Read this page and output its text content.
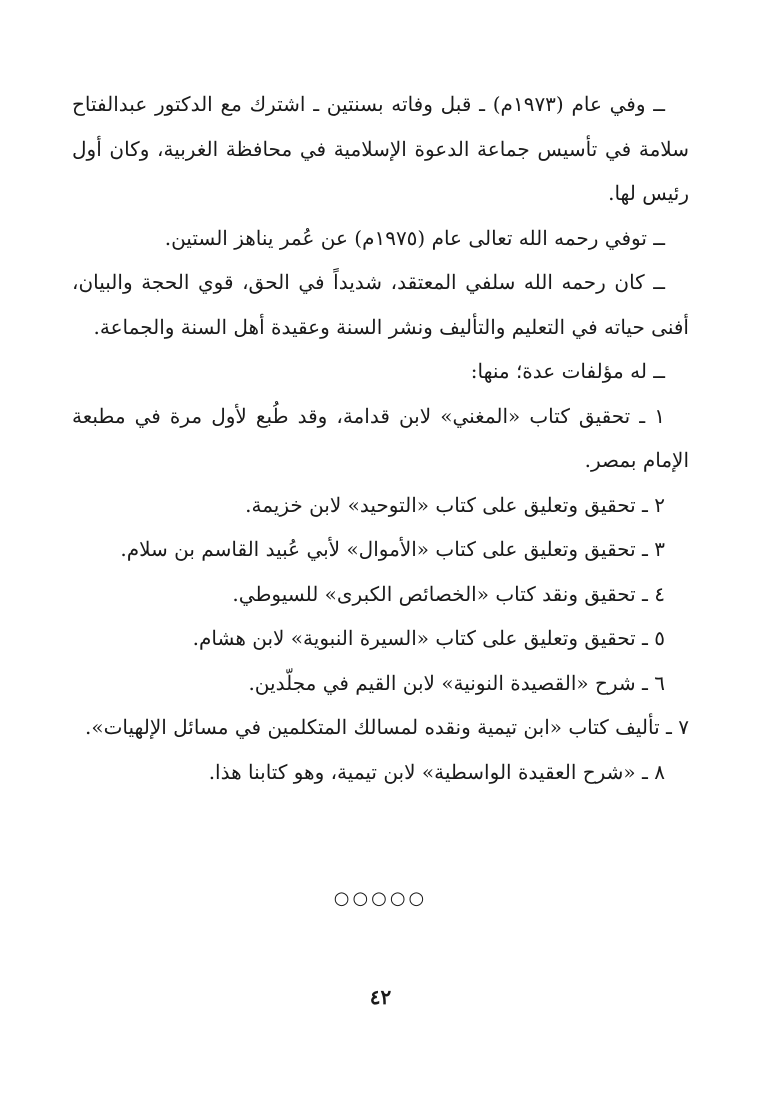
ــ وفي عام (١٩٧٣م) ـ قبل وفاته بسنتين ـ اشترك مع الدكتور عبدالفتاح سلامة في تأسيس جماعة الدعوة الإسلامية في محافظة الغربية، وكان أول رئيس لها.

ــ توفي رحمه الله تعالى عام (١٩٧٥م) عن عُمر يناهز الستين.

ــ كان رحمه الله سلفي المعتقد، شديداً في الحق، قوي الحجة والبيان، أفنى حياته في التعليم والتأليف ونشر السنة وعقيدة أهل السنة والجماعة.

ــ له مؤلفات عدة؛ منها:

١ ـ تحقيق كتاب «المغني» لابن قدامة، وقد طُبع لأول مرة في مطبعة الإمام بمصر.

٢ ـ تحقيق وتعليق على كتاب «التوحيد» لابن خزيمة.

٣ ـ تحقيق وتعليق على كتاب «الأموال» لأبي عُبيد القاسم بن سلام.

٤ ـ تحقيق ونقد كتاب «الخصائص الكبرى» للسيوطي.

٥ ـ تحقيق وتعليق على كتاب «السيرة النبوية» لابن هشام.

٦ ـ شرح «القصيدة النونية» لابن القيم في مجلّدين.

٧ ـ تأليف كتاب «ابن تيمية ونقده لمسالك المتكلمين في مسائل الإلهيات».

٨ ـ «شرح العقيدة الواسطية» لابن تيمية، وهو كتابنا هذا.

○○○○○
٤٢
